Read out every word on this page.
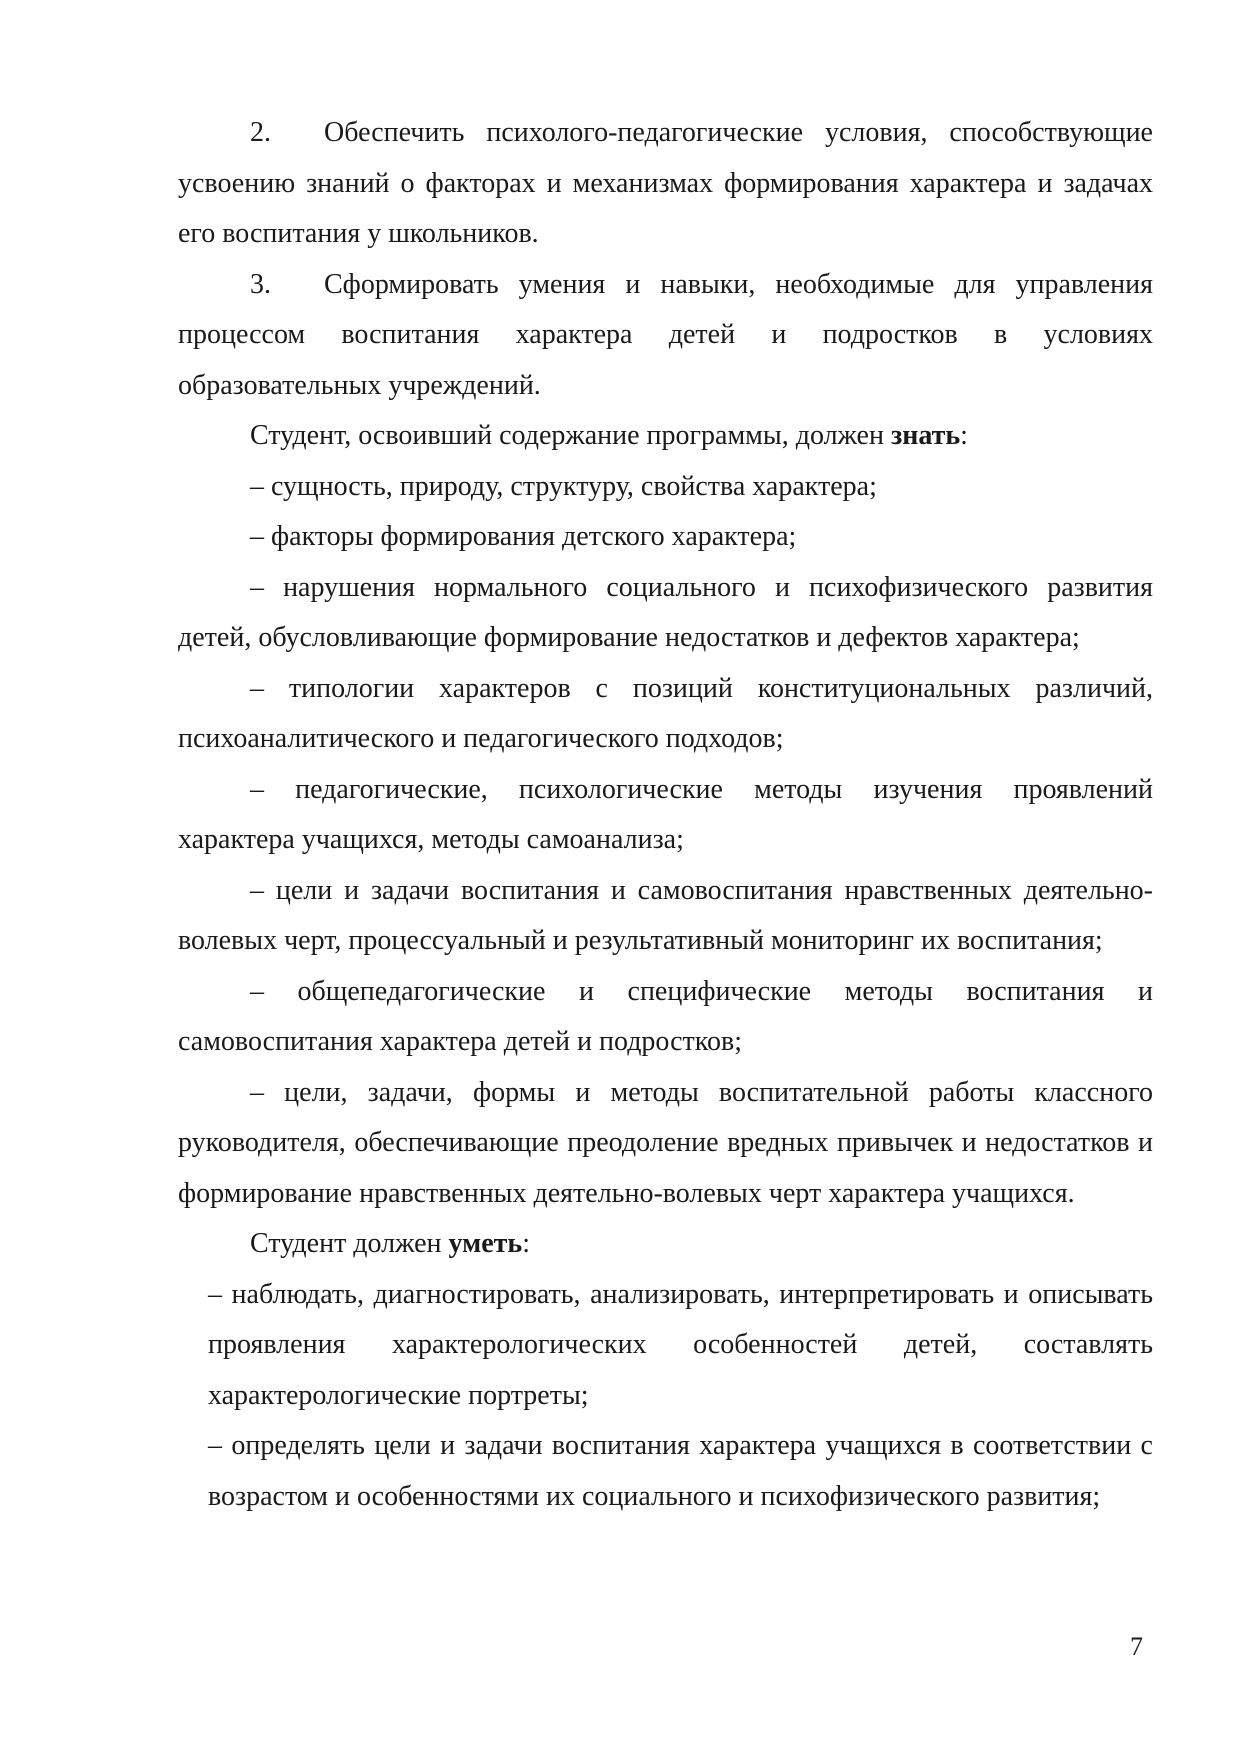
2. Обеспечить психолого-педагогические условия, способствующие усвоению знаний о факторах и механизмах формирования характера и задачах его воспитания у школьников.

3. Сформировать умения и навыки, необходимые для управления процессом воспитания характера детей и подростков в условиях образовательных учреждений.

Студент, освоивший содержание программы, должен знать:

– сущность, природу, структуру, свойства характера;

– факторы формирования детского характера;

– нарушения нормального социального и психофизического развития детей, обусловливающие формирование недостатков и дефектов характера;

– типологии характеров с позиций конституциональных различий, психоаналитического и педагогического подходов;

– педагогические, психологические методы изучения проявлений характера учащихся, методы самоанализа;

– цели и задачи воспитания и самовоспитания нравственных деятельно-волевых черт, процессуальный и результативный мониторинг их воспитания;

– общепедагогические и специфические методы воспитания и самовоспитания характера детей и подростков;

– цели, задачи, формы и методы воспитательной работы классного руководителя, обеспечивающие преодоление вредных привычек и недостатков и формирование нравственных деятельно-волевых черт характера учащихся.

Студент должен уметь:

– наблюдать, диагностировать, анализировать, интерпретировать и описывать проявления характерологических особенностей детей, составлять характерологические портреты;

– определять цели и задачи воспитания характера учащихся в соответствии с возрастом и особенностями их социального и психофизического развития;

7
